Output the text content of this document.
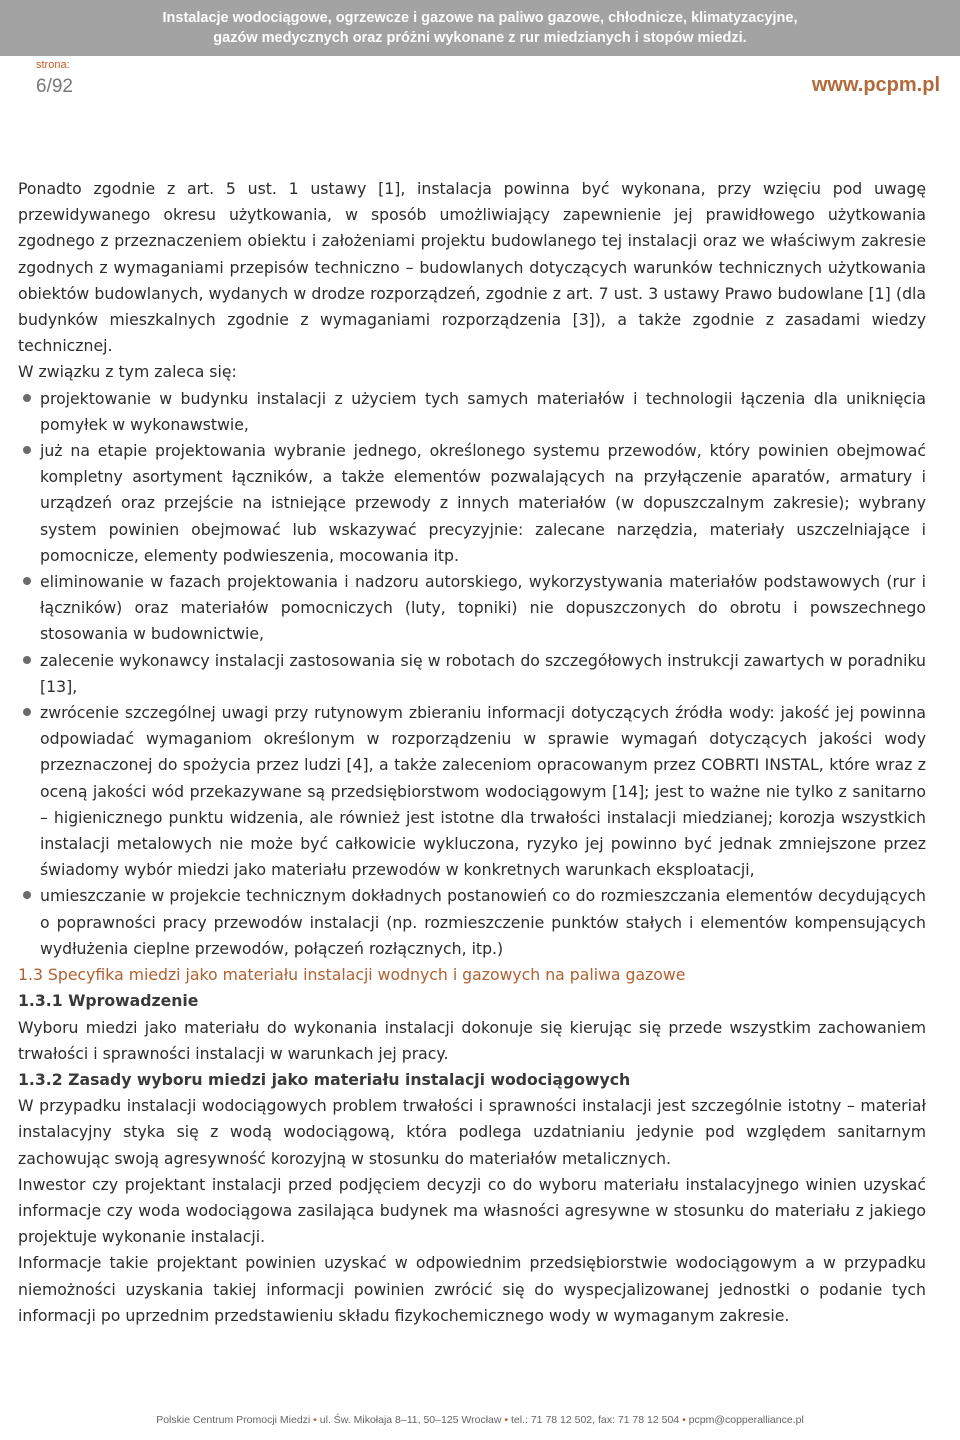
Instalacje wodociągowe, ogrzewcze i gazowe na paliwo gazowe, chłodnicze, klimatyzacyjne,
gazów medycznych oraz próżni wykonane z rur miedzianych i stopów miedzi.
strona:
6/92	www.pcpm.pl

Ponadto zgodnie z art. 5 ust. 1 ustawy [1], instalacja powinna być wykonana, przy wzięciu pod uwagę przewidywanego okresu użytkowania, w sposób umożliwiający zapewnienie jej prawidłowego użytkowania zgodnego z przeznaczeniem obiektu i założeniami projektu budowlanego tej instalacji oraz we właściwym zakresie zgodnych z wymaganiami przepisów techniczno – budowlanych dotyczących warunków technicznych użytkowania obiektów budowlanych, wydanych w drodze rozporządzeń, zgodnie z art. 7 ust. 3 ustawy Prawo budowlane [1] (dla budynków mieszkalnych zgodnie z wymaganiami rozporządzenia [3]), a także zgodnie z zasadami wiedzy technicznej.

W związku z tym zaleca się:

projektowanie w budynku instalacji z użyciem tych samych materiałów i technologii łączenia dla uniknięcia pomyłek w wykonawstwie,
już na etapie projektowania wybranie jednego, określonego systemu przewodów, który powinien obejmować kompletny asortyment łączników, a także elementów pozwalających na przyłączenie aparatów, armatury i urządzeń oraz przejście na istniejące przewody z innych materiałów (w dopuszczalnym zakresie); wybrany system powinien obejmować lub wskazywać precyzyjnie: zalecane narzędzia, materiały uszczelniające i pomocnicze, elementy podwieszenia, mocowania itp.
eliminowanie w fazach projektowania i nadzoru autorskiego, wykorzystywania materiałów podstawowych (rur i łączników) oraz materiałów pomocniczych (luty, topniki) nie dopuszczonych do obrotu i powszechnego stosowania w budownictwie,
zalecenie wykonawcy instalacji zastosowania się w robotach do szczegółowych instrukcji zawartych w poradniku [13],
zwrócenie szczególnej uwagi przy rutynowym zbieraniu informacji dotyczących źródła wody: jakość jej powinna odpowiadać wymaganiom określonym w rozporządzeniu w sprawie wymagań dotyczących jakości wody przeznaczonej do spożycia przez ludzi [4], a także zaleceniom opracowanym przez COBRTI INSTAL, które wraz z oceną jakości wód przekazywane są przedsiębiorstwom wodociągowym [14]; jest to ważne nie tylko z sanitarno – higienicznego punktu widzenia, ale również jest istotne dla trwałości instalacji miedzianej; korozja wszystkich instalacji metalowych nie może być całkowicie wykluczona, ryzyko jej powinno być jednak zmniejszone przez świadomy wybór miedzi jako materiału przewodów w konkretnych warunkach eksploatacji,
umieszczanie w projekcie technicznym dokładnych postanowień co do rozmieszczania elementów decydujących o poprawności pracy przewodów instalacji (np. rozmieszczenie punktów stałych i elementów kompensujących wydłużenia cieplne przewodów, połączeń rozłącznych, itp.)

1.3 Specyfika miedzi jako materiału instalacji wodnych i gazowych na paliwa gazowe

1.3.1 Wprowadzenie

Wyboru miedzi jako materiału do wykonania instalacji dokonuje się kierując się przede wszystkim zachowaniem trwałości i sprawności instalacji w warunkach jej pracy.

1.3.2 Zasady wyboru miedzi jako materiału instalacji wodociągowych

W przypadku instalacji wodociągowych problem trwałości i sprawności instalacji jest szczególnie istotny – materiał instalacyjny styka się z wodą wodociągową, która podlega uzdatnianiu jedynie pod względem sanitarnym zachowując swoją agresywność korozyjną w stosunku do materiałów metalicznych.

Inwestor czy projektant instalacji przed podjęciem decyzji co do wyboru materiału instalacyjnego winien uzyskać informacje czy woda wodociągowa zasilająca budynek ma własności agresywne w stosunku do materiału z jakiego projektuje wykonanie instalacji.

Informacje takie projektant powinien uzyskać w odpowiednim przedsiębiorstwie wodociągowym a w przypadku niemożności uzyskania takiej informacji powinien zwrócić się do wyspecjalizowanej jednostki o podanie tych informacji po uprzednim przedstawieniu składu fizykochemicznego wody w wymaganym zakresie.

Polskie Centrum Promocji Miedzi • ul. Św. Mikołaja 8–11, 50–125 Wrocław • tel.: 71 78 12 502, fax: 71 78 12 504 • pcpm@copperalliance.pl
